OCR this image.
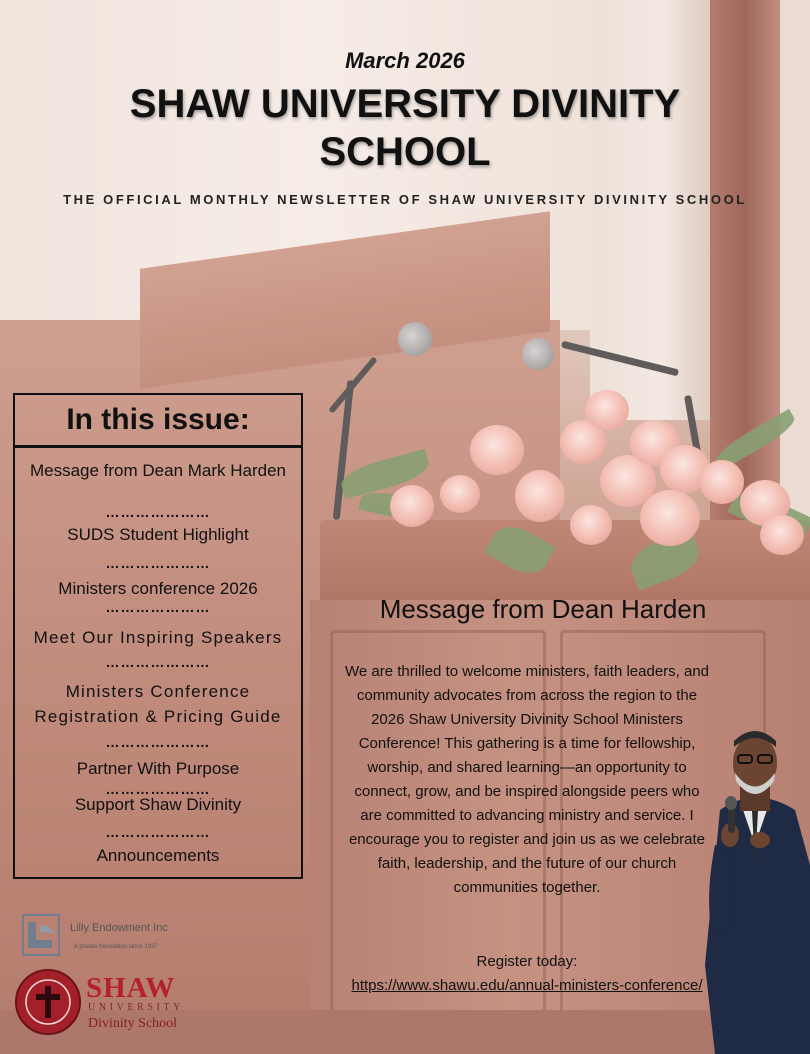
March 2026
SHAW UNIVERSITY DIVINITY SCHOOL
THE OFFICIAL MONTHLY NEWSLETTER OF SHAW UNIVERSITY DIVINITY SCHOOL
In this issue:
Message from Dean Mark Harden
…………………
SUDS Student Highlight
…………………
Ministers conference 2026
…………………
Meet Our Inspiring Speakers
…………………
Ministers Conference Registration & Pricing Guide
…………………
Partner With Purpose
…………………
Support Shaw Divinity
…………………
Announcements
Message from Dean Harden
We are thrilled to welcome ministers, faith leaders, and community advocates from across the region to the 2026 Shaw University Divinity School Ministers Conference! This gathering is a time for fellowship, worship, and shared learning—an opportunity to connect, grow, and be inspired alongside peers who are committed to advancing ministry and service. I encourage you to register and join us as we celebrate faith, leadership, and the future of our church communities together.
Register today:
https://www.shawu.edu/annual-ministers-conference/
Lilly Endowment Inc
A private foundation since 1937
SHAW
UNIVERSITY
Divinity School
